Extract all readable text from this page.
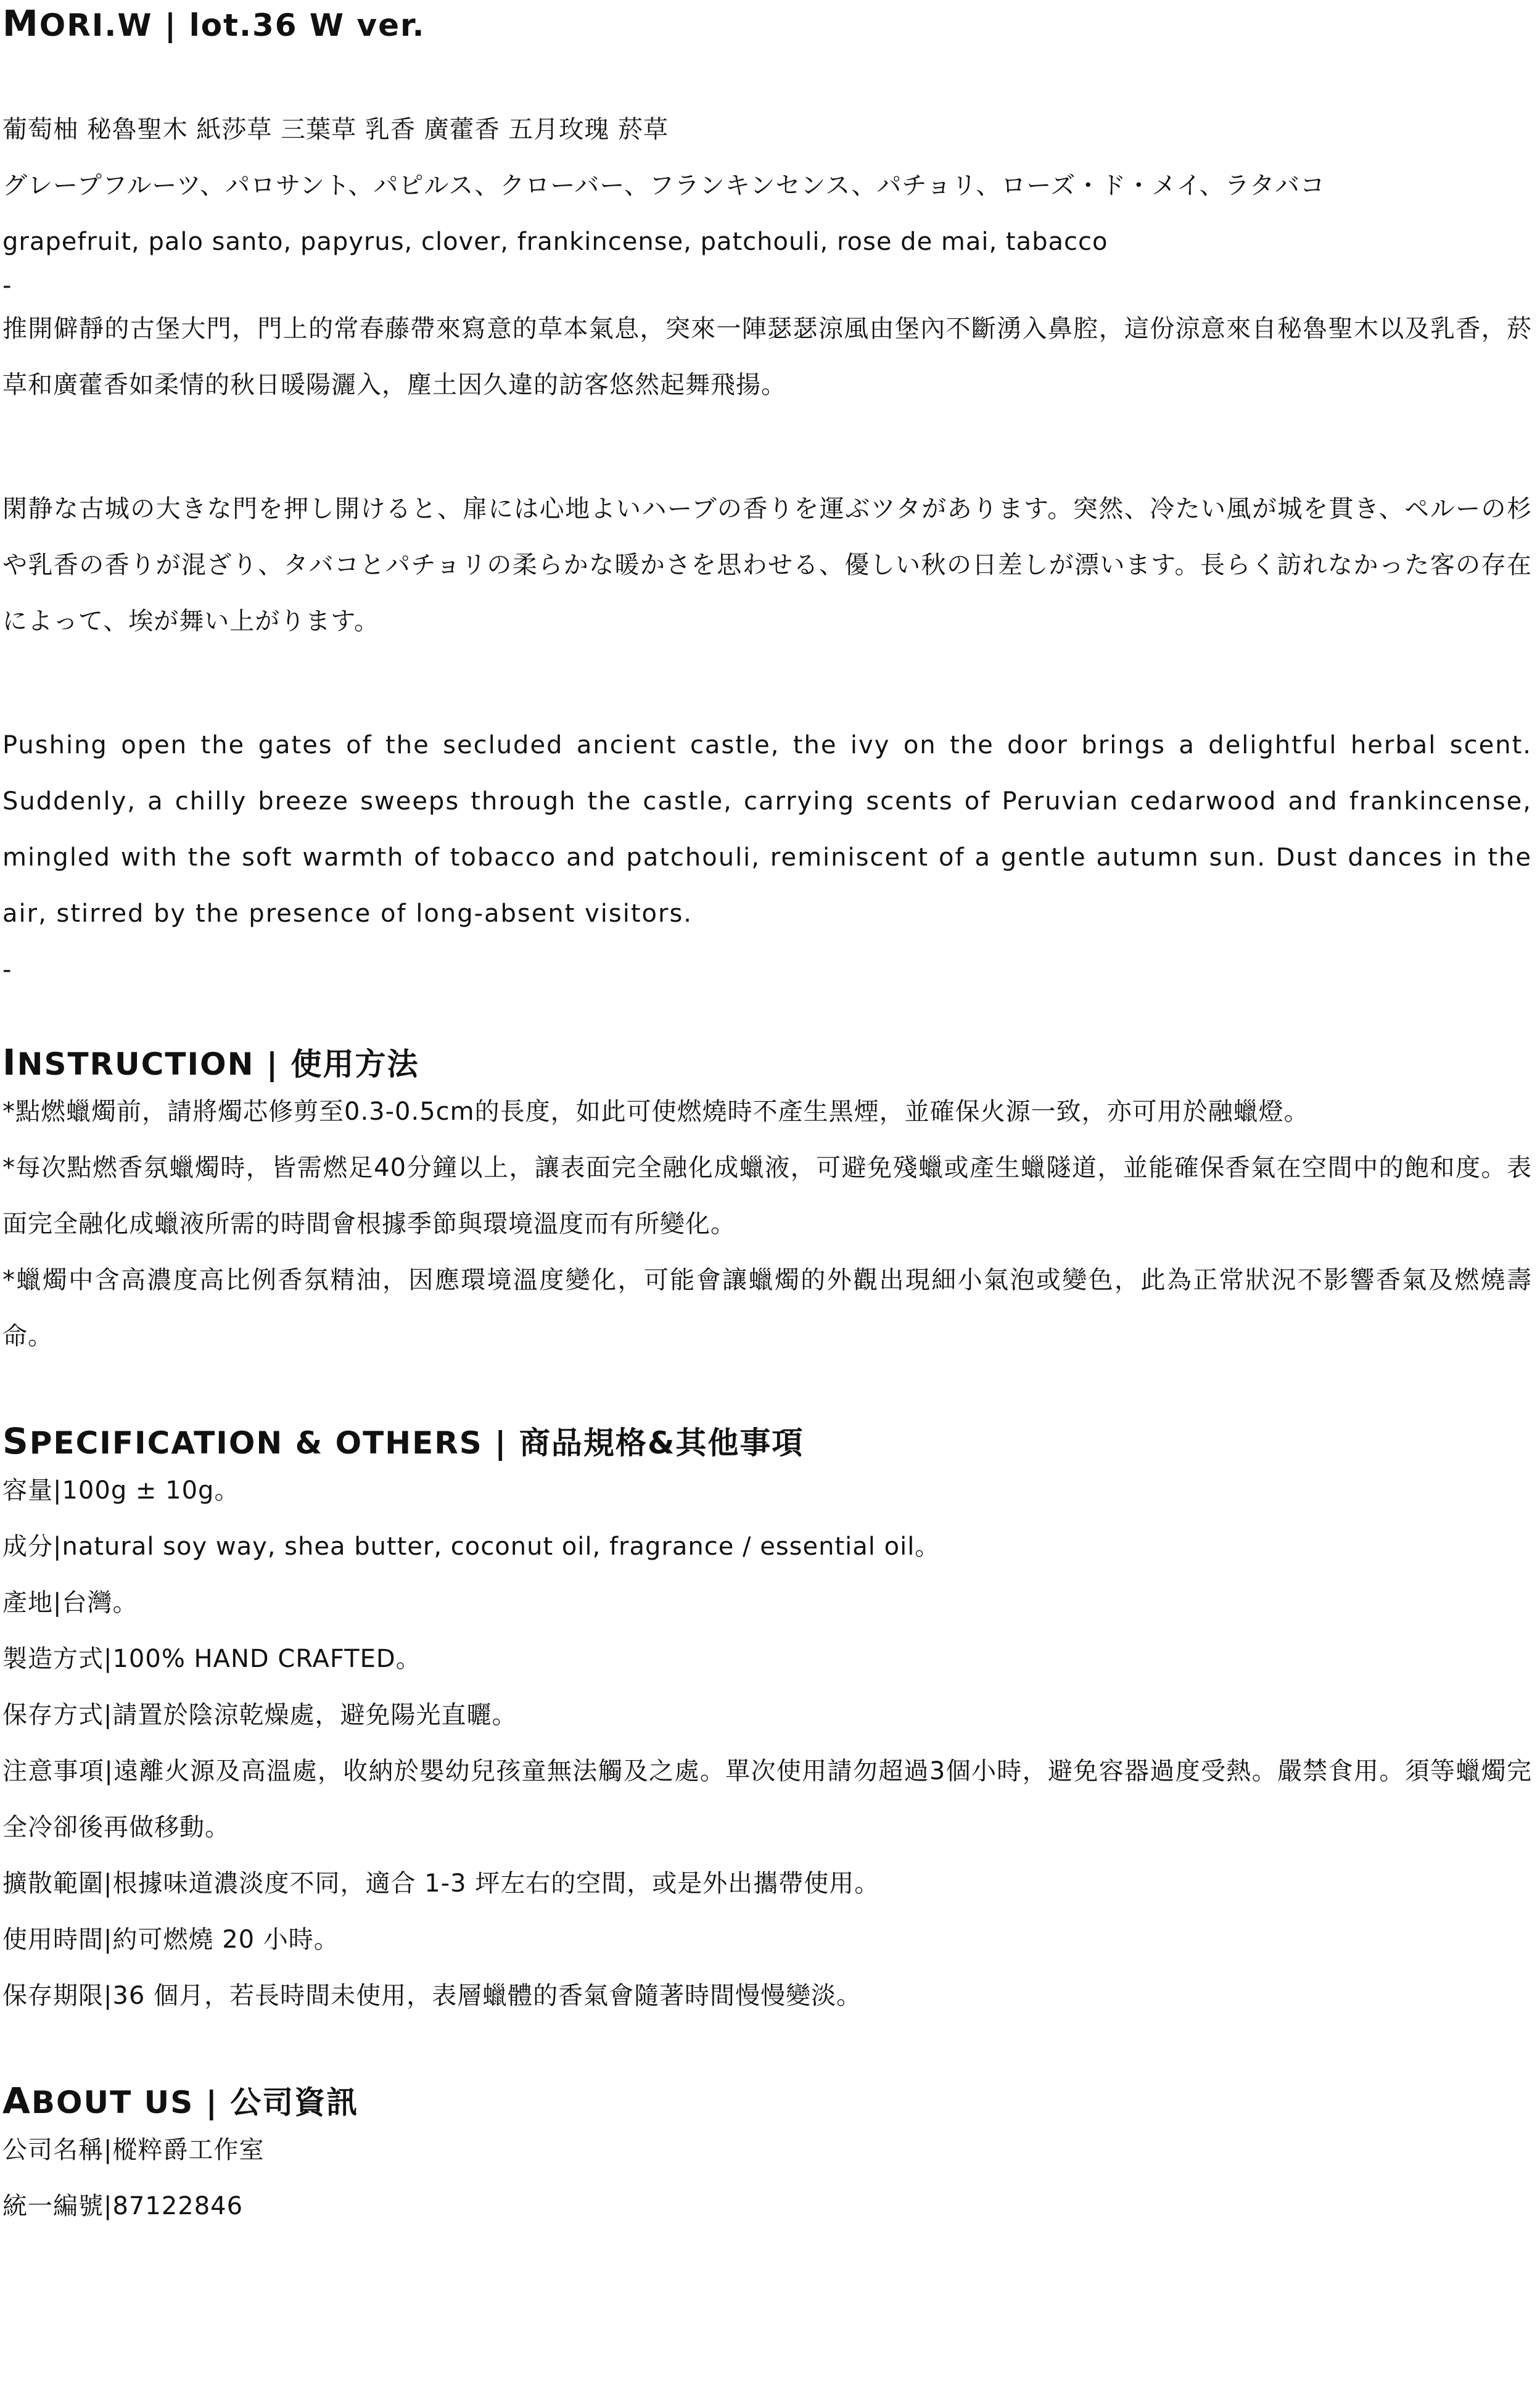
MORI.W | lot.36 W ver.

葡萄柚 秘魯聖木 紙莎草 三葉草 乳香 廣藿香 五月玫瑰 菸草

グレープフルーツ、パロサント、パピルス、クローバー、フランキンセンス、パチョリ、ローズ・ド・メイ、ラタバコ

grapefruit, palo santo, papyrus, clover, frankincense, patchouli, rose de mai, tabacco

-

推開僻靜的古堡大門，門上的常春藤帶來寫意的草本氣息，突來一陣瑟瑟涼風由堡內不斷湧入鼻腔，這份涼意來自秘魯聖木以及乳香，菸草和廣藿香如柔情的秋日暖陽灑入，塵土因久違的訪客悠然起舞飛揚。

閑静な古城の大きな門を押し開けると、扉には心地よいハーブの香りを運ぶツタがあります。突然、冷たい風が城を貫き、ペルーの杉や乳香の香りが混ざり、タバコとパチョリの柔らかな暖かさを思わせる、優しい秋の日差しが漂います。長らく訪れなかった客の存在によって、埃が舞い上がります。

Pushing open the gates of the secluded ancient castle, the ivy on the door brings a delightful herbal scent. Suddenly, a chilly breeze sweeps through the castle, carrying scents of Peruvian cedarwood and frankincense, mingled with the soft warmth of tobacco and patchouli, reminiscent of a gentle autumn sun. Dust dances in the air, stirred by the presence of long-absent visitors.

-

INSTRUCTION | 使用方法

*點燃蠟燭前，請將燭芯修剪至0.3-0.5cm的長度，如此可使燃燒時不產生黑煙，並確保火源一致，亦可用於融蠟燈。

*每次點燃香氛蠟燭時，皆需燃足40分鐘以上，讓表面完全融化成蠟液，可避免殘蠟或產生蠟隧道，並能確保香氣在空間中的飽和度。表面完全融化成蠟液所需的時間會根據季節與環境溫度而有所變化。

*蠟燭中含高濃度高比例香氛精油，因應環境溫度變化，可能會讓蠟燭的外觀出現細小氣泡或變色，此為正常狀況不影響香氣及燃燒壽命。

SPECIFICATION & OTHERS | 商品規格&其他事項

容量|100g ± 10g。

成分|natural soy way, shea butter, coconut oil, fragrance / essential oil。

產地|台灣。

製造方式|100% HAND CRAFTED。

保存方式|請置於陰涼乾燥處，避免陽光直曬。

注意事項|遠離火源及高溫處，收納於嬰幼兒孩童無法觸及之處。單次使用請勿超過3個小時，避免容器過度受熱。嚴禁食用。須等蠟燭完全冷卻後再做移動。

擴散範圍|根據味道濃淡度不同，適合 1-3 坪左右的空間，或是外出攜帶使用。

使用時間|約可燃燒 20 小時。

保存期限|36 個月，若長時間未使用，表層蠟體的香氣會隨著時間慢慢變淡。

ABOUT US | 公司資訊

公司名稱|樅粹爵工作室

統一編號|87122846
